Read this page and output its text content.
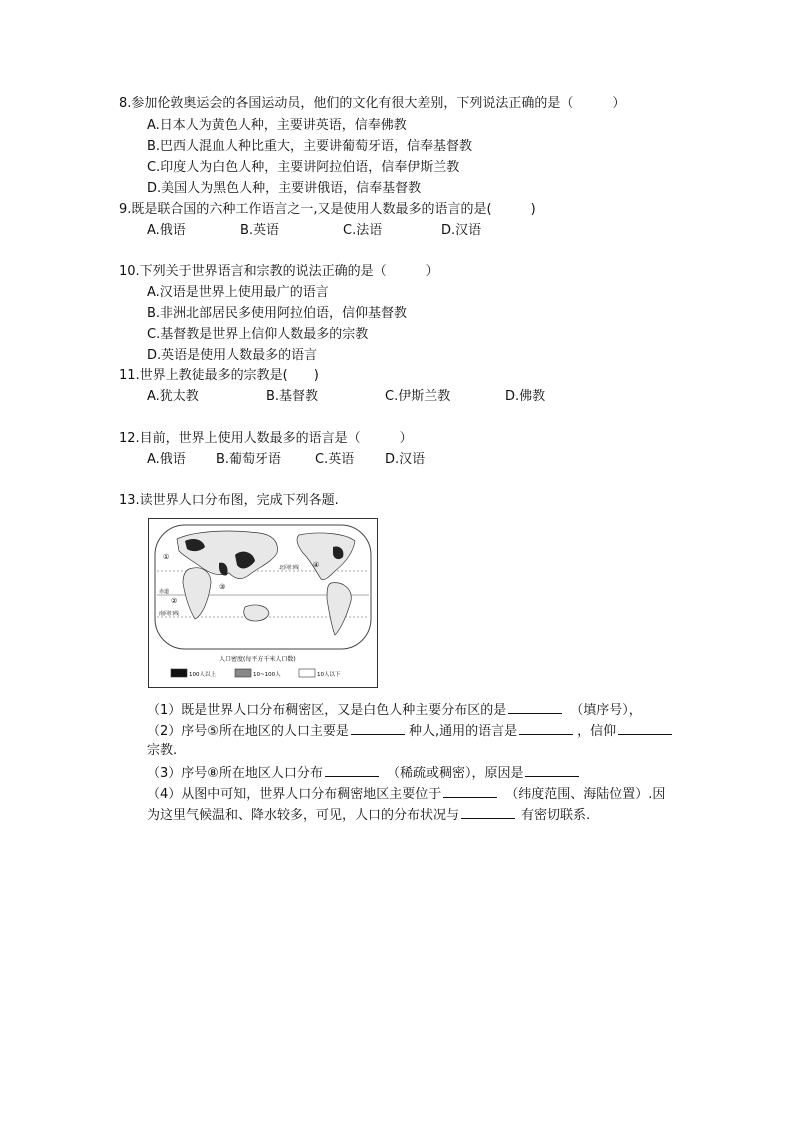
8.参加伦敦奥运会的各国运动员，他们的文化有很大差别，下列说法正确的是（　　　）
A.日本人为黄色人种，主要讲英语，信奉佛教
B.巴西人混血人种比重大，主要讲葡萄牙语，信奉基督教
C.印度人为白色人种，主要讲阿拉伯语，信奉伊斯兰教
D.美国人为黑色人种，主要讲俄语，信奉基督教
9.既是联合国的六种工作语言之一,又是使用人数最多的语言的是(　　　)
A.俄语	B.英语	C.法语	D.汉语
10.下列关于世界语言和宗教的说法正确的是（　　　）
A.汉语是世界上使用最广的语言
B.非洲北部居民多使用阿拉伯语，信仰基督教
C.基督教是世界上信仰人数最多的宗教
D.英语是使用人数最多的语言
11.世界上教徒最多的宗教是(　　)
A.犹太教	B.基督教	C.伊斯兰教	D.佛教
12.目前，世界上使用人数最多的语言是（　　　）
A.俄语 B.葡萄牙语	C.英语 D.汉语
13.读世界人口分布图，完成下列各题.
①
②
③
④
北回归线
赤道
南回归线
人口密度(每平方千米人口数)
100人以上	10~100人	10人以下
（1）既是世界人口分布稠密区，又是白色人种主要分布区的是	（填序号），
（2）序号⑤所在地区的人口主要是	种人,通用的语言是	，信仰
宗教.
（3）序号⑧所在地区人口分布	（稀疏或稠密），原因是
（4）从图中可知，世界人口分布稠密地区主要位于	（纬度范围、海陆位置）.因
为这里气候温和、降水较多，可见，人口的分布状况与	有密切联系.
